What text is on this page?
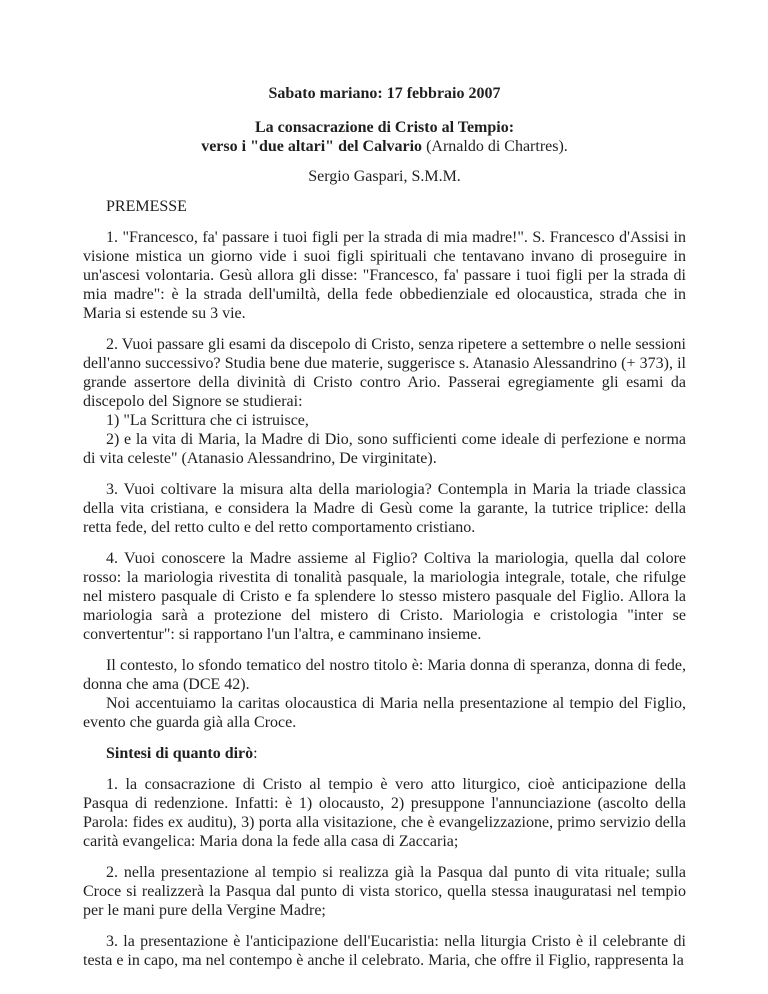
Sabato mariano: 17 febbraio 2007

La consacrazione di Cristo al Tempio:

verso i "due altari" del Calvario (Arnaldo di Chartres).

Sergio Gaspari, S.M.M.

PREMESSE

1. "Francesco, fa' passare i tuoi figli per la strada di mia madre!". S. Francesco d'Assisi in visione mistica un giorno vide i suoi figli spirituali che tentavano invano di proseguire in un'ascesi volontaria. Gesù allora gli disse: "Francesco, fa' passare i tuoi figli per la strada di mia madre": è la strada dell'umiltà, della fede obbedienziale ed olocaustica, strada che in Maria si estende su 3 vie.

2. Vuoi passare gli esami da discepolo di Cristo, senza ripetere a settembre o nelle sessioni dell'anno successivo? Studia bene due materie, suggerisce s. Atanasio Alessandrino (+ 373), il grande assertore della divinità di Cristo contro Ario. Passerai egregiamente gli esami da discepolo del Signore se studierai:

1) "La Scrittura che ci istruisce,

2) e la vita di Maria, la Madre di Dio, sono sufficienti come ideale di perfezione e norma di vita celeste" (Atanasio Alessandrino, De virginitate).

3. Vuoi coltivare la misura alta della mariologia? Contempla in Maria la triade classica della vita cristiana, e considera la Madre di Gesù come la garante, la tutrice triplice: della retta fede, del retto culto e del retto comportamento cristiano.

4. Vuoi conoscere la Madre assieme al Figlio? Coltiva la mariologia, quella dal colore rosso: la mariologia rivestita di tonalità pasquale, la mariologia integrale, totale, che rifulge nel mistero pasquale di Cristo e fa splendere lo stesso mistero pasquale del Figlio. Allora la mariologia sarà a protezione del mistero di Cristo. Mariologia e cristologia "inter se convertentur": si rapportano l'un l'altra, e camminano insieme.

Il contesto, lo sfondo tematico del nostro titolo è: Maria donna di speranza, donna di fede, donna che ama (DCE 42).

Noi accentuiamo la caritas olocaustica di Maria nella presentazione al tempio del Figlio, evento che guarda già alla Croce.

Sintesi di quanto dirò:

1. la consacrazione di Cristo al tempio è vero atto liturgico, cioè anticipazione della Pasqua di redenzione. Infatti: è 1) olocausto, 2) presuppone l'annunciazione (ascolto della Parola: fides ex auditu), 3) porta alla visitazione, che è evangelizzazione, primo servizio della carità evangelica: Maria dona la fede alla casa di Zaccaria;

2. nella presentazione al tempio si realizza già la Pasqua dal punto di vita rituale; sulla Croce si realizzerà la Pasqua dal punto di vista storico, quella stessa inauguratasi nel tempio per le mani pure della Vergine Madre;

3. la presentazione è l'anticipazione dell'Eucaristia: nella liturgia Cristo è il celebrante di testa e in capo, ma nel contempo è anche il celebrato. Maria, che offre il Figlio, rappresenta la
